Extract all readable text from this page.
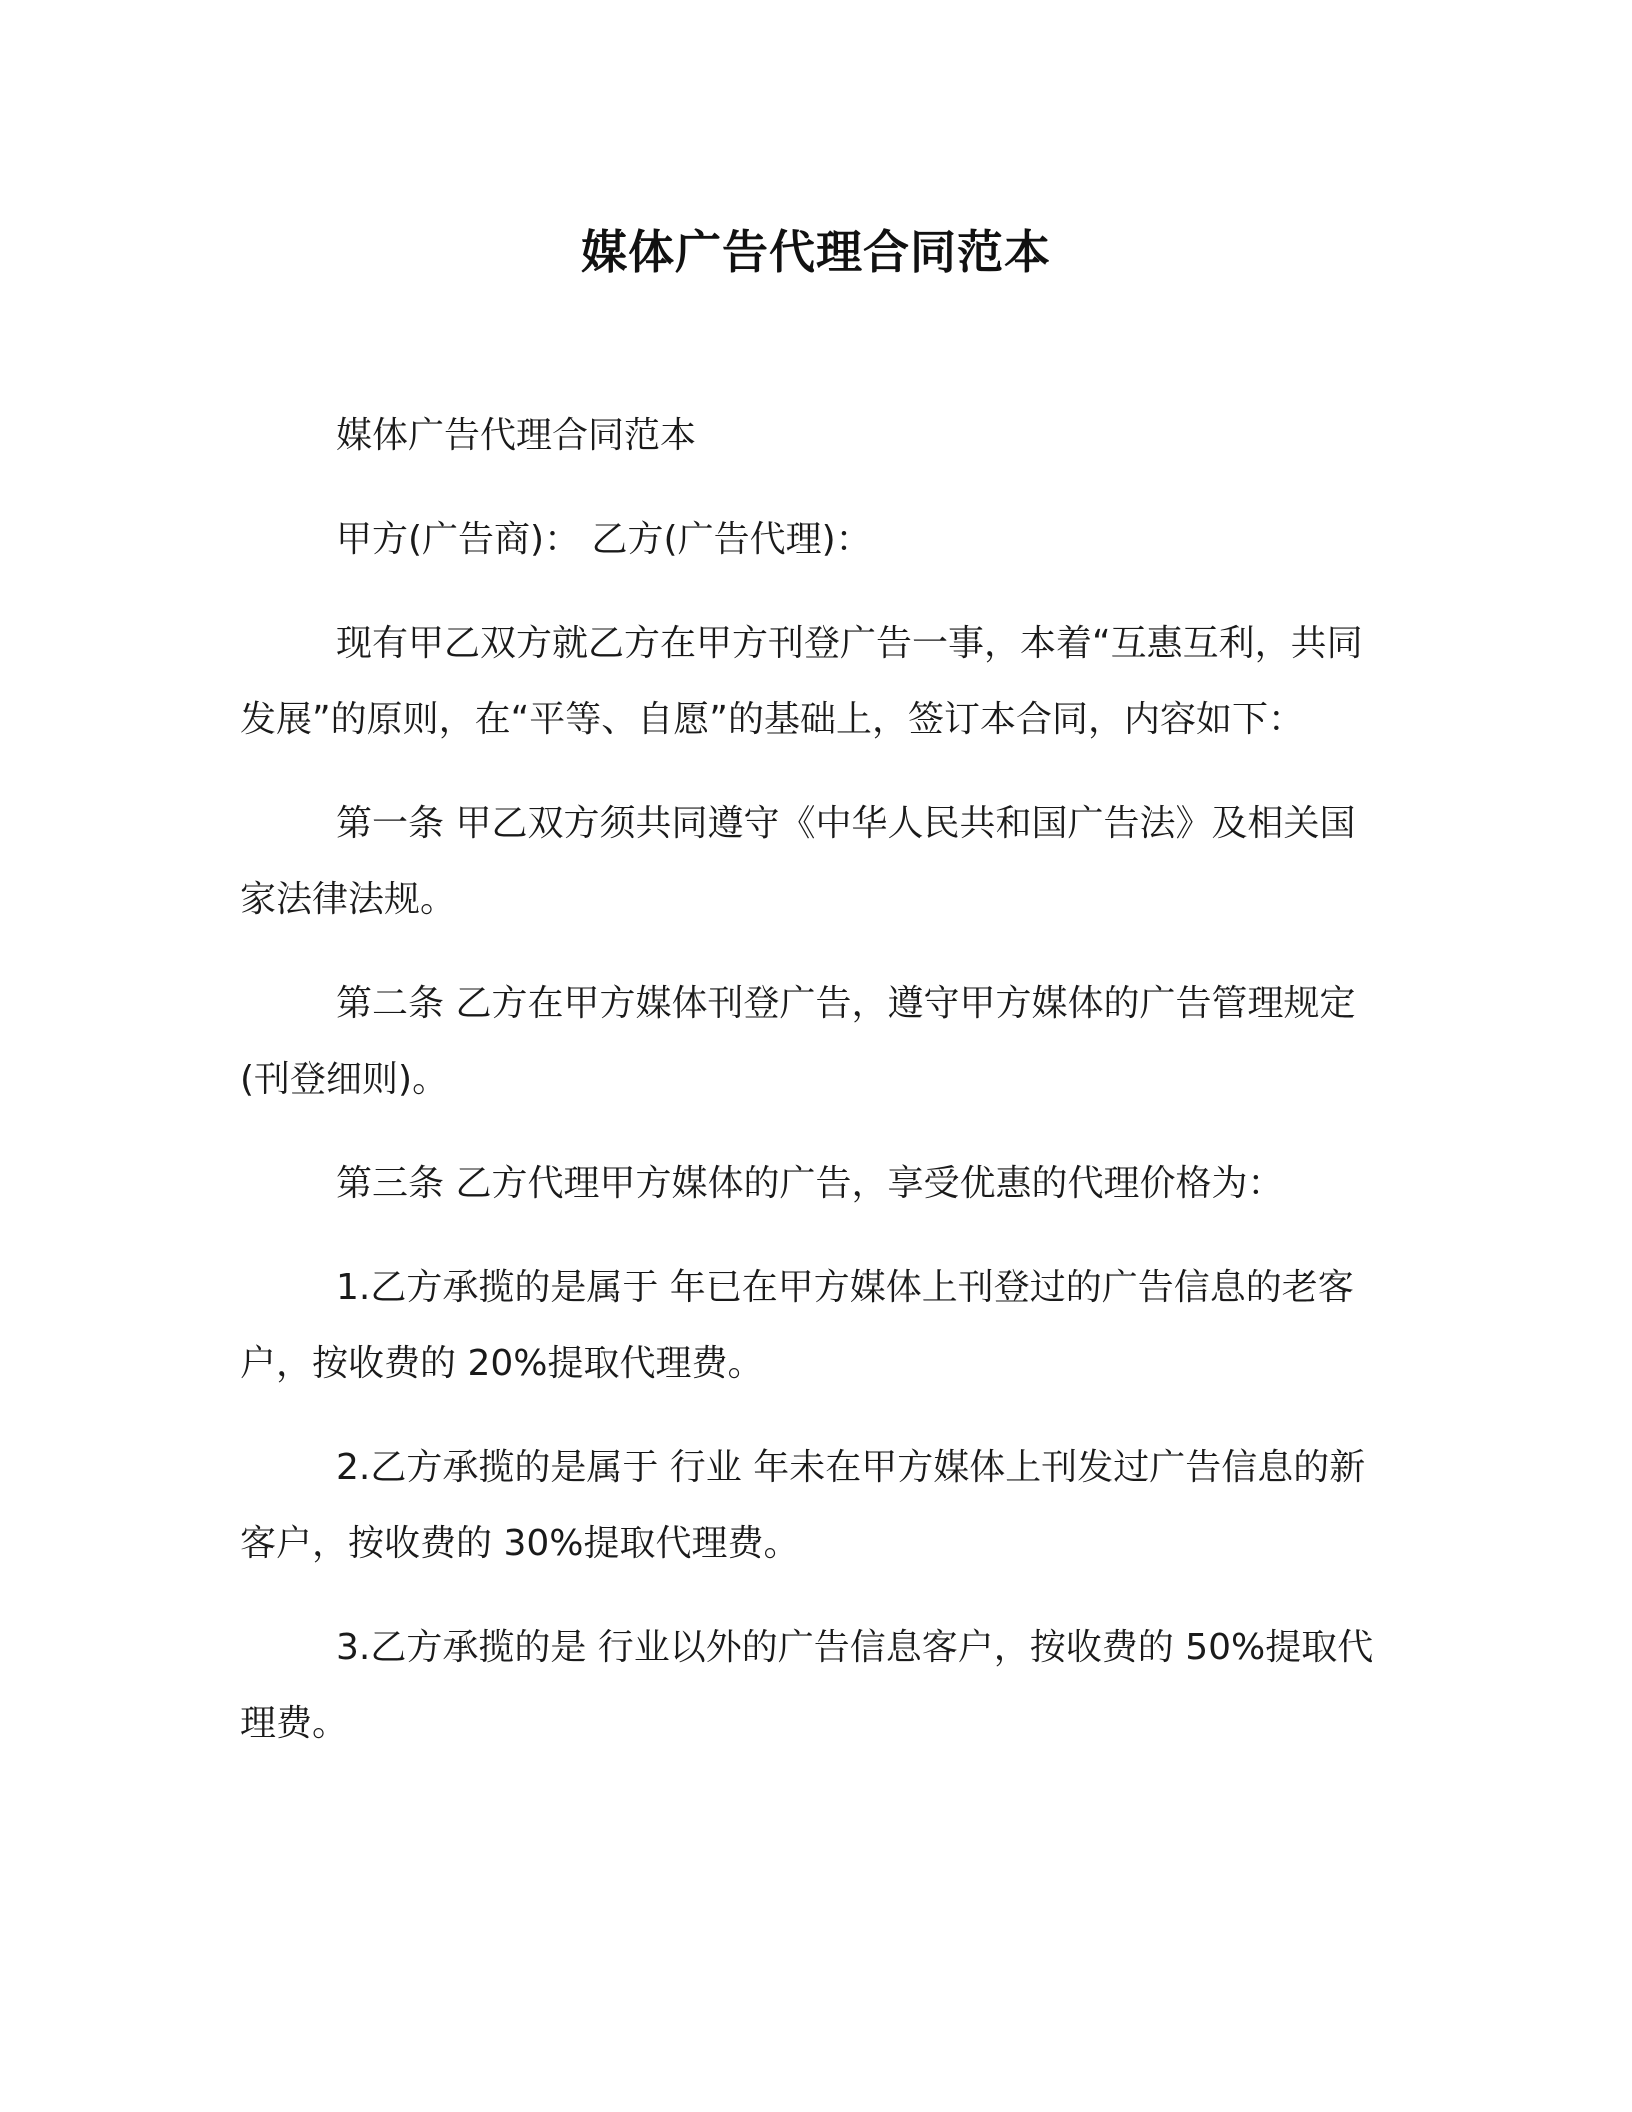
媒体广告代理合同范本

媒体广告代理合同范本

甲方(广告商)： 乙方(广告代理)：

现有甲乙双方就乙方在甲方刊登广告一事，本着“互惠互利，共同发展”的原则，在“平等、自愿”的基础上，签订本合同，内容如下：

第一条 甲乙双方须共同遵守《中华人民共和国广告法》及相关国家法律法规。

第二条 乙方在甲方媒体刊登广告，遵守甲方媒体的广告管理规定(刊登细则)。

第三条 乙方代理甲方媒体的广告，享受优惠的代理价格为：

1.乙方承揽的是属于 年已在甲方媒体上刊登过的广告信息的老客户，按收费的 20%提取代理费。

2.乙方承揽的是属于 行业 年未在甲方媒体上刊发过广告信息的新客户，按收费的 30%提取代理费。

3.乙方承揽的是 行业以外的广告信息客户，按收费的 50%提取代理费。
